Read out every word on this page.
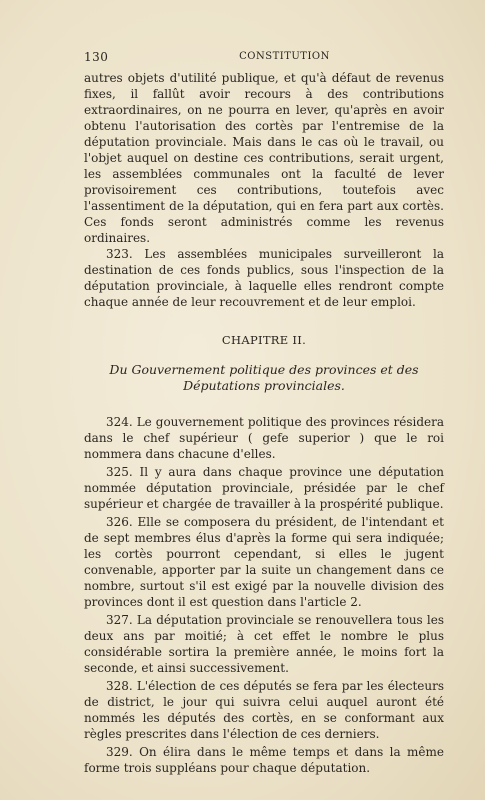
130	CONSTITUTION

autres objets d'utilité publique, et qu'à défaut de revenus fixes, il fallût avoir recours à des contributions extraordinaires, on ne pourra en lever, qu'après en avoir obtenu l'autorisation des cortès par l'entremise de la députation provinciale. Mais dans le cas où le travail, ou l'objet auquel on destine ces contributions, serait urgent, les assemblées communales ont la faculté de lever provisoirement ces contributions, toutefois avec l'assentiment de la députation, qui en fera part aux cortès. Ces fonds seront administrés comme les revenus ordinaires.

323. Les assemblées municipales surveilleront la destination de ces fonds publics, sous l'inspection de la députation provinciale, à laquelle elles rendront compte chaque année de leur recouvrement et de leur emploi.

CHAPITRE II.

Du Gouvernement politique des provinces et des Députations provinciales.

324. Le gouvernement politique des provinces résidera dans le chef supérieur ( gefe superior ) que le roi nommera dans chacune d'elles.

325. Il y aura dans chaque province une députation nommée députation provinciale, présidée par le chef supérieur et chargée de travailler à la prospérité publique.

326. Elle se composera du président, de l'intendant et de sept membres élus d'après la forme qui sera indiquée; les cortès pourront cependant, si elles le jugent convenable, apporter par la suite un changement dans ce nombre, surtout s'il est exigé par la nouvelle division des provinces dont il est question dans l'article 2.

327. La députation provinciale se renouvellera tous les deux ans par moitié; à cet effet le nombre le plus considérable sortira la première année, le moins fort la seconde, et ainsi successivement.

328. L'élection de ces députés se fera par les électeurs de district, le jour qui suivra celui auquel auront été nommés les députés des cortès, en se conformant aux règles prescrites dans l'élection de ces derniers.

329. On élira dans le même temps et dans la même forme trois suppléans pour chaque députation.
